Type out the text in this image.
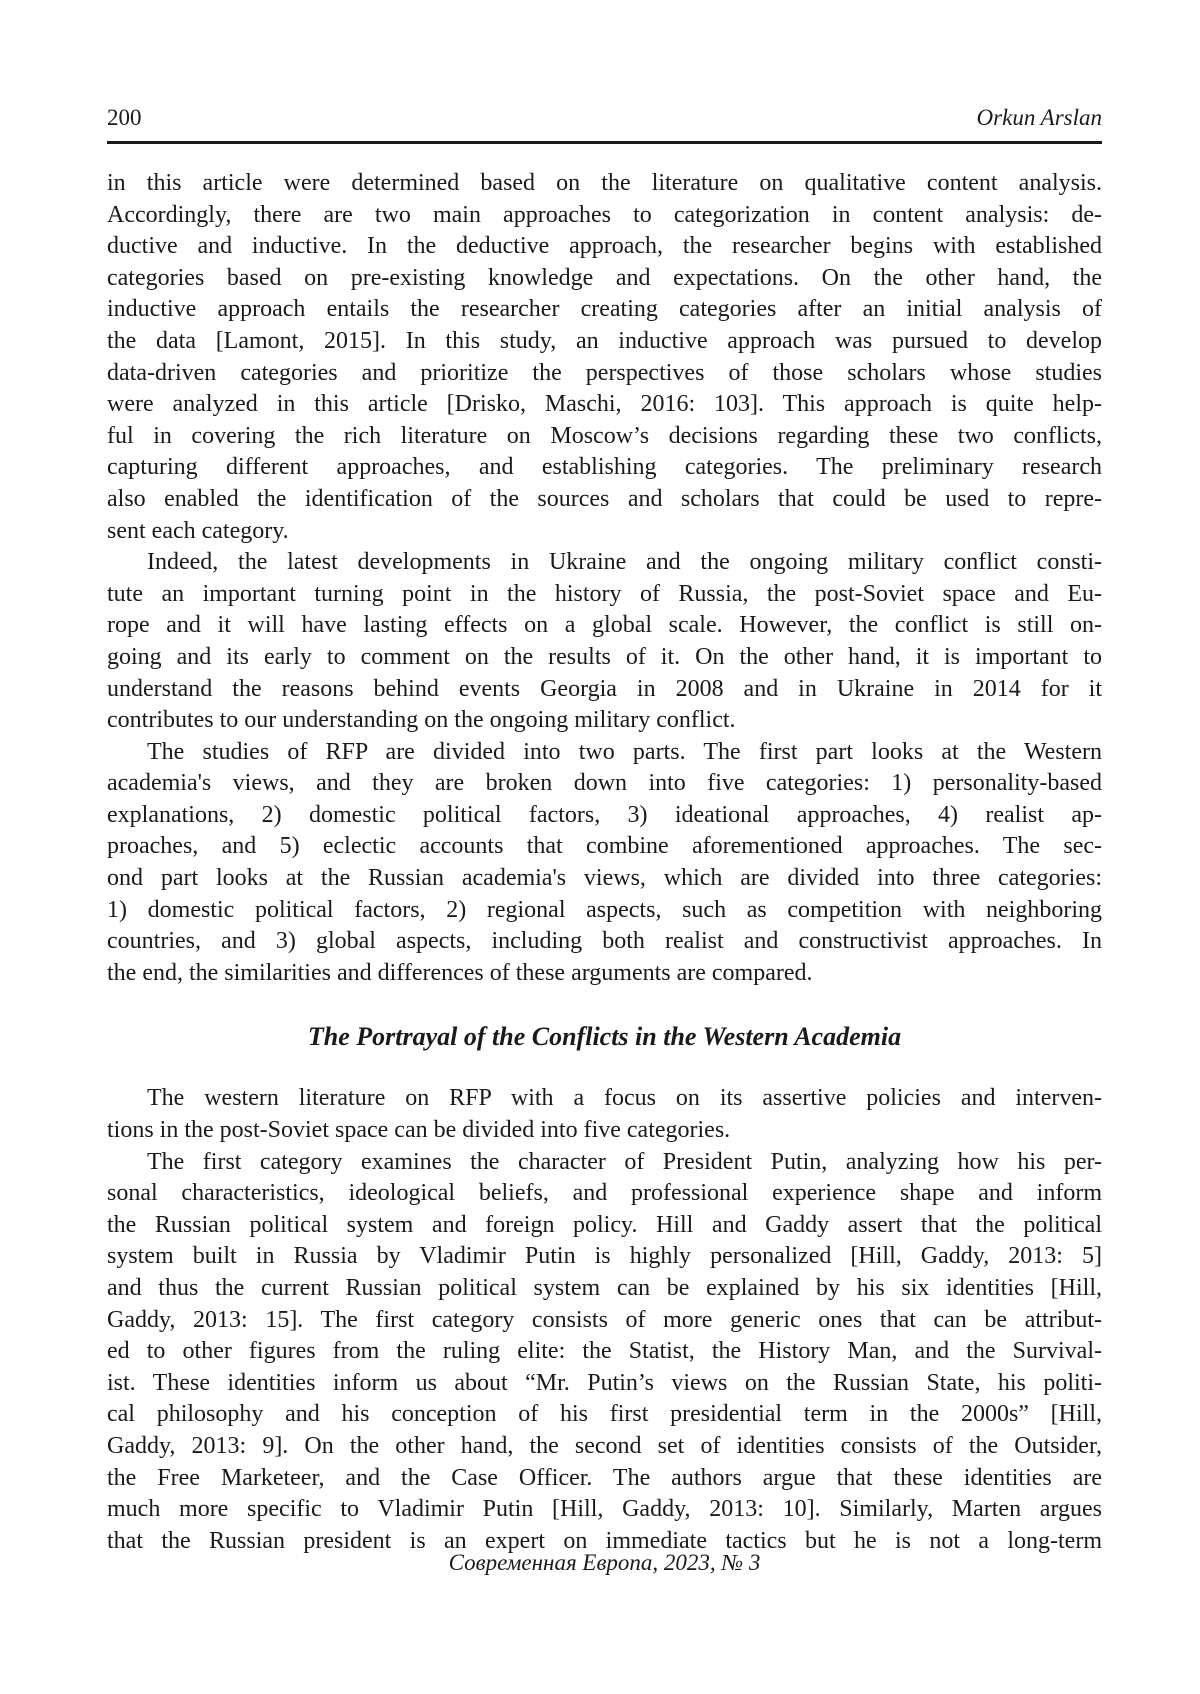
200	Orkun Arslan
in this article were determined based on the literature on qualitative content analysis.
Accordingly, there are two main approaches to categorization in content analysis: de-
ductive and inductive. In the deductive approach, the researcher begins with established
categories based on pre-existing knowledge and expectations. On the other hand, the
inductive approach entails the researcher creating categories after an initial analysis of
the data [Lamont, 2015]. In this study, an inductive approach was pursued to develop
data-driven categories and prioritize the perspectives of those scholars whose studies
were analyzed in this article [Drisko, Maschi, 2016: 103]. This approach is quite help-
ful in covering the rich literature on Moscow’s decisions regarding these two conflicts,
capturing different approaches, and establishing categories. The preliminary research
also enabled the identification of the sources and scholars that could be used to repre-
sent each category.
Indeed, the latest developments in Ukraine and the ongoing military conflict consti-
tute an important turning point in the history of Russia, the post-Soviet space and Eu-
rope and it will have lasting effects on a global scale. However, the conflict is still on-
going and its early to comment on the results of it. On the other hand, it is important to
understand the reasons behind events Georgia in 2008 and in Ukraine in 2014 for it
contributes to our understanding on the ongoing military conflict.
The studies of RFP are divided into two parts. The first part looks at the Western
academia's views, and they are broken down into five categories: 1) personality-based
explanations, 2) domestic political factors, 3) ideational approaches, 4) realist ap-
proaches, and 5) eclectic accounts that combine aforementioned approaches. The sec-
ond part looks at the Russian academia's views, which are divided into three categories:
1) domestic political factors, 2) regional aspects, such as competition with neighboring
countries, and 3) global aspects, including both realist and constructivist approaches. In
the end, the similarities and differences of these arguments are compared.
The Portrayal of the Conflicts in the Western Academia
The western literature on RFP with a focus on its assertive policies and interven-
tions in the post-Soviet space can be divided into five categories.
The first category examines the character of President Putin, analyzing how his per-
sonal characteristics, ideological beliefs, and professional experience shape and inform
the Russian political system and foreign policy. Hill and Gaddy assert that the political
system built in Russia by Vladimir Putin is highly personalized [Hill, Gaddy, 2013: 5]
and thus the current Russian political system can be explained by his six identities [Hill,
Gaddy, 2013: 15]. The first category consists of more generic ones that can be attribut-
ed to other figures from the ruling elite: the Statist, the History Man, and the Survival-
ist. These identities inform us about “Mr. Putin’s views on the Russian State, his politi-
cal philosophy and his conception of his first presidential term in the 2000s” [Hill,
Gaddy, 2013: 9]. On the other hand, the second set of identities consists of the Outsider,
the Free Marketeer, and the Case Officer. The authors argue that these identities are
much more specific to Vladimir Putin [Hill, Gaddy, 2013: 10]. Similarly, Marten argues
that the Russian president is an expert on immediate tactics but he is not a long-term
Современная Европа, 2023, № 3
